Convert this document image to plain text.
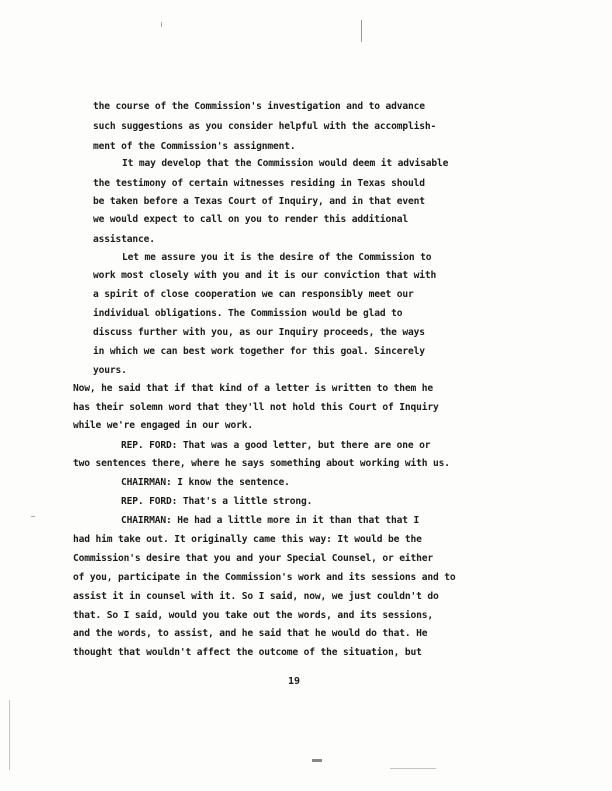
the course of the Commission's investigation and to advance
such suggestions as you consider helpful with the accomplish-
ment of the Commission's assignment.
It may develop that the Commission would deem it advisable
the testimony of certain witnesses residing in Texas should
be taken before a Texas Court of Inquiry, and in that event
we would expect to call on you to render this additional
assistance.
Let me assure you it is the desire of the Commission to
work most closely with you and it is our conviction that with
a spirit of close cooperation we can responsibly meet our
individual obligations. The Commission would be glad to
discuss further with you, as our Inquiry proceeds, the ways
in which we can best work together for this goal. Sincerely
yours.
Now, he said that if that kind of a letter is written to them he
has their solemn word that they'll not hold this Court of Inquiry
while we're engaged in our work.
REP. FORD: That was a good letter, but there are one or
two sentences there, where he says something about working with us.
CHAIRMAN: I know the sentence.
REP. FORD: That's a little strong.
CHAIRMAN: He had a little more in it than that that I
had him take out. It originally came this way: It would be the
Commission's desire that you and your Special Counsel, or either
of you, participate in the Commission's work and its sessions and to
assist it in counsel with it. So I said, now, we just couldn't do
that. So I said, would you take out the words, and its sessions,
and the words, to assist, and he said that he would do that. He
thought that wouldn't affect the outcome of the situation, but
19
